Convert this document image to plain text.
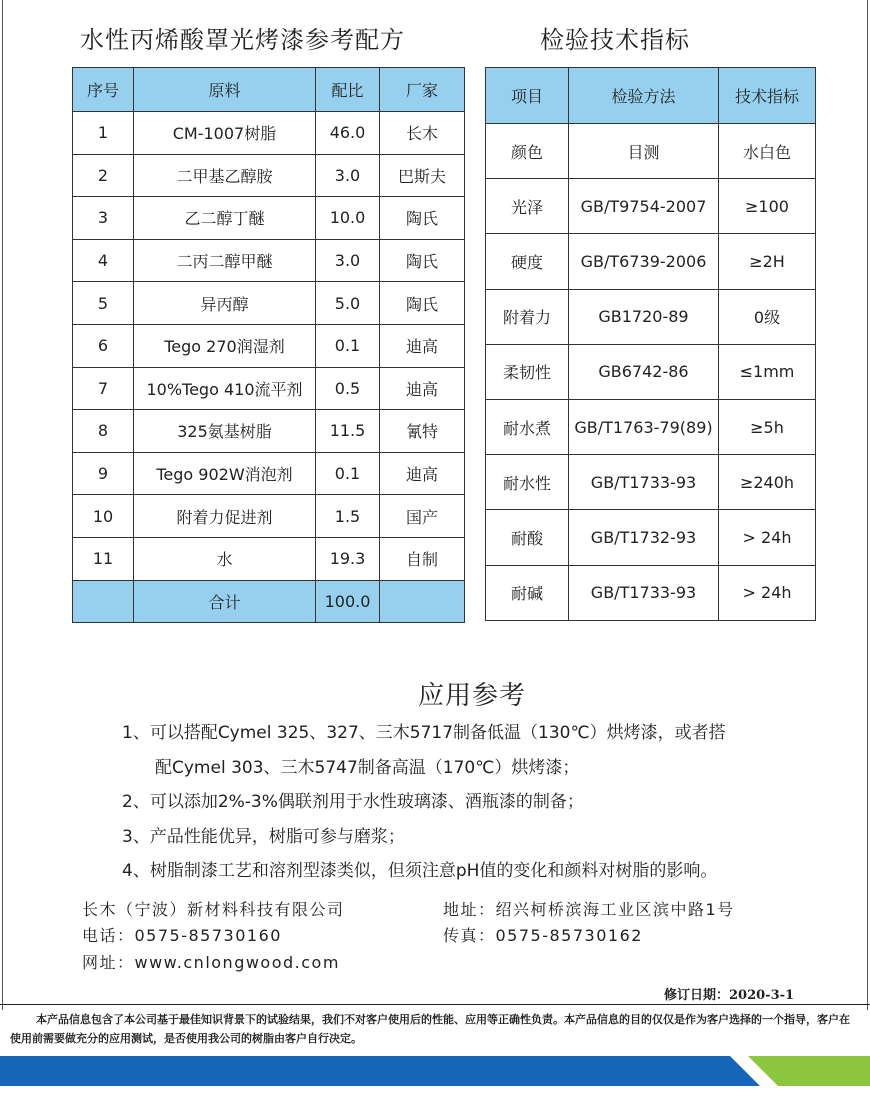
水性丙烯酸罩光烤漆参考配方	检验技术指标
序号	原料	配比	厂家
1	CM-1007树脂	46.0	长木
2	二甲基乙醇胺	3.0	巴斯夫
3	乙二醇丁醚	10.0	陶氏
4	二丙二醇甲醚	3.0	陶氏
5	异丙醇	5.0	陶氏
6	Tego 270润湿剂	0.1	迪高
7	10%Tego 410流平剂	0.5	迪高
8	325氨基树脂	11.5	氰特
9	Tego 902W消泡剂	0.1	迪高
10	附着力促进剂	1.5	国产
11	水	19.3	自制
	合计	100.0	
项目	检验方法	技术指标
颜色	目测	水白色
光泽	GB/T9754-2007	≥100
硬度	GB/T6739-2006	≥2H
附着力	GB1720-89	0级
柔韧性	GB6742-86	≤1mm
耐水煮	GB/T1763-79(89)	≥5h
耐水性	GB/T1733-93	≥240h
耐酸	GB/T1732-93	> 24h
耐碱	GB/T1733-93	> 24h
应用参考
1、可以搭配Cymel 325、327、三木5717制备低温（130℃）烘烤漆，或者搭
配Cymel 303、三木5747制备高温（170℃）烘烤漆；
2、可以添加2%-3%偶联剂用于水性玻璃漆、酒瓶漆的制备；
3、产品性能优异，树脂可参与磨浆；
4、树脂制漆工艺和溶剂型漆类似，但须注意pH值的变化和颜料对树脂的影响。
长木（宁波）新材料科技有限公司	地址：绍兴柯桥滨海工业区滨中路1号
电话：0575-85730160	传真：0575-85730162
网址：www.cnlongwood.com
修订日期：2020-3-1

本产品信息包含了本公司基于最佳知识背景下的试验结果，我们不对客户使用后的性能、应用等正确性负责。本产品信息的目的仅仅是作为客户选择的一个指导，客户在使用前需要做充分的应用测试，是否使用我公司的树脂由客户自行决定。
